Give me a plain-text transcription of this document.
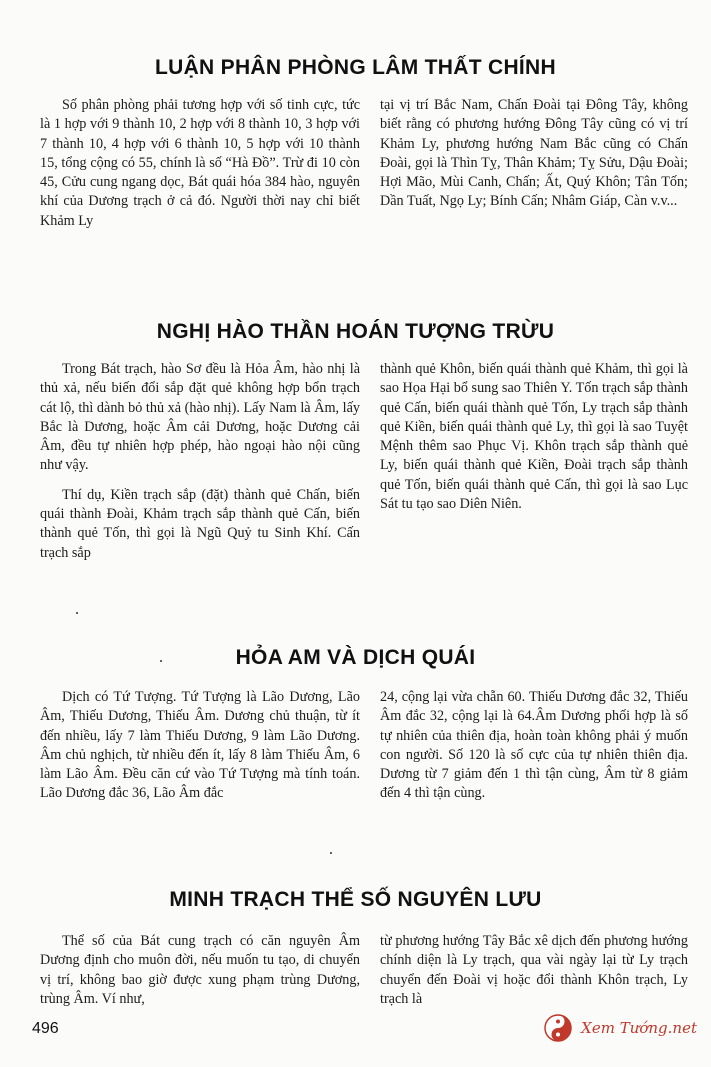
LUẬN PHÂN PHÒNG LÂM THẤT CHÍNH

Số phân phòng phải tương hợp với số tinh cực, tức là 1 hợp với 9 thành 10, 2 hợp với 8 thành 10, 3 hợp với 7 thành 10, 4 hợp với 6 thành 10, 5 hợp với 10 thành 15, tổng cộng có 55, chính là số “Hà Đồ”. Trừ đi 10 còn 45, Cửu cung ngang dọc, Bát quái hóa 384 hào, nguyên khí của Dương trạch ở cả đó. Người thời nay chỉ biết Khảm Ly

tại vị trí Bắc Nam, Chấn Đoài tại Đông Tây, không biết rằng có phương hướng Đông Tây cũng có vị trí Khảm Ly, phương hướng Nam Bắc cũng có Chấn Đoài, gọi là Thìn Tỵ, Thân Khảm; Tỵ Sửu, Dậu Đoài; Hợi Mão, Mùi Canh, Chấn; Ất, Quý Khôn; Tân Tốn; Dần Tuất, Ngọ Ly; Bính Cấn; Nhâm Giáp, Càn v.v...

NGHỊ HÀO THẦN HOÁN TƯỢNG TRỪU

Trong Bát trạch, hào Sơ đều là Hỏa Âm, hào nhị là thủ xả, nếu biến đổi sắp đặt quẻ không hợp bổn trạch cát lộ, thì dành bỏ thủ xả (hào nhị). Lấy Nam là Âm, lấy Bắc là Dương, hoặc Âm cải Dương, hoặc Dương cải Âm, đều tự nhiên hợp phép, hào ngoại hào nội cũng như vậy.

Thí dụ, Kiền trạch sắp (đặt) thành quẻ Chấn, biến quái thành Đoài, Khảm trạch sắp thành quẻ Cấn, biến thành quẻ Tốn, thì gọi là Ngũ Quỷ tu Sinh Khí. Cấn trạch sắp

thành quẻ Khôn, biến quái thành quẻ Khảm, thì gọi là sao Họa Hại bổ sung sao Thiên Y. Tốn trạch sắp thành quẻ Cấn, biến quái thành quẻ Tốn, Ly trạch sắp thành quẻ Kiền, biến quái thành quẻ Ly, thì gọi là sao Tuyệt Mệnh thêm sao Phục Vị. Khôn trạch sắp thành quẻ Ly, biến quái thành quẻ Kiền, Đoài trạch sắp thành quẻ Tốn, biến quái thành quẻ Cấn, thì gọi là sao Lục Sát tu tạo sao Diên Niên.

HỎA AM VÀ DỊCH QUÁI

Dịch có Tứ Tượng. Tứ Tượng là Lão Dương, Lão Âm, Thiếu Dương, Thiếu Âm. Dương chủ thuận, từ ít đến nhiều, lấy 7 làm Thiếu Dương, 9 làm Lão Dương. Âm chủ nghịch, từ nhiều đến ít, lấy 8 làm Thiếu Âm, 6 làm Lão Âm. Đều căn cứ vào Tứ Tượng mà tính toán. Lão Dương đắc 36, Lão Âm đắc

24, cộng lại vừa chẵn 60. Thiếu Dương đắc 32, Thiếu Âm đắc 32, cộng lại là 64.Âm Dương phối hợp là số tự nhiên của thiên địa, hoàn toàn không phải ý muốn con người. Số 120 là số cực của tự nhiên thiên địa. Dương từ 7 giảm đến 1 thì tận cùng, Âm từ 8 giảm đến 4 thì tận cùng.

MINH TRẠCH THỂ SỐ NGUYÊN LƯU

Thể số của Bát cung trạch có căn nguyên Âm Dương định cho muôn đời, nếu muốn tu tạo, di chuyển vị trí, không bao giờ được xung phạm trùng Dương, trùng Âm. Ví như,

từ phương hướng Tây Bắc xê dịch đến phương hướng chính diện là Ly trạch, qua vài ngày lại từ Ly trạch chuyển đến Đoài vị hoặc đổi thành Khôn trạch, Ly trạch là

496	Xem Tướng.net
